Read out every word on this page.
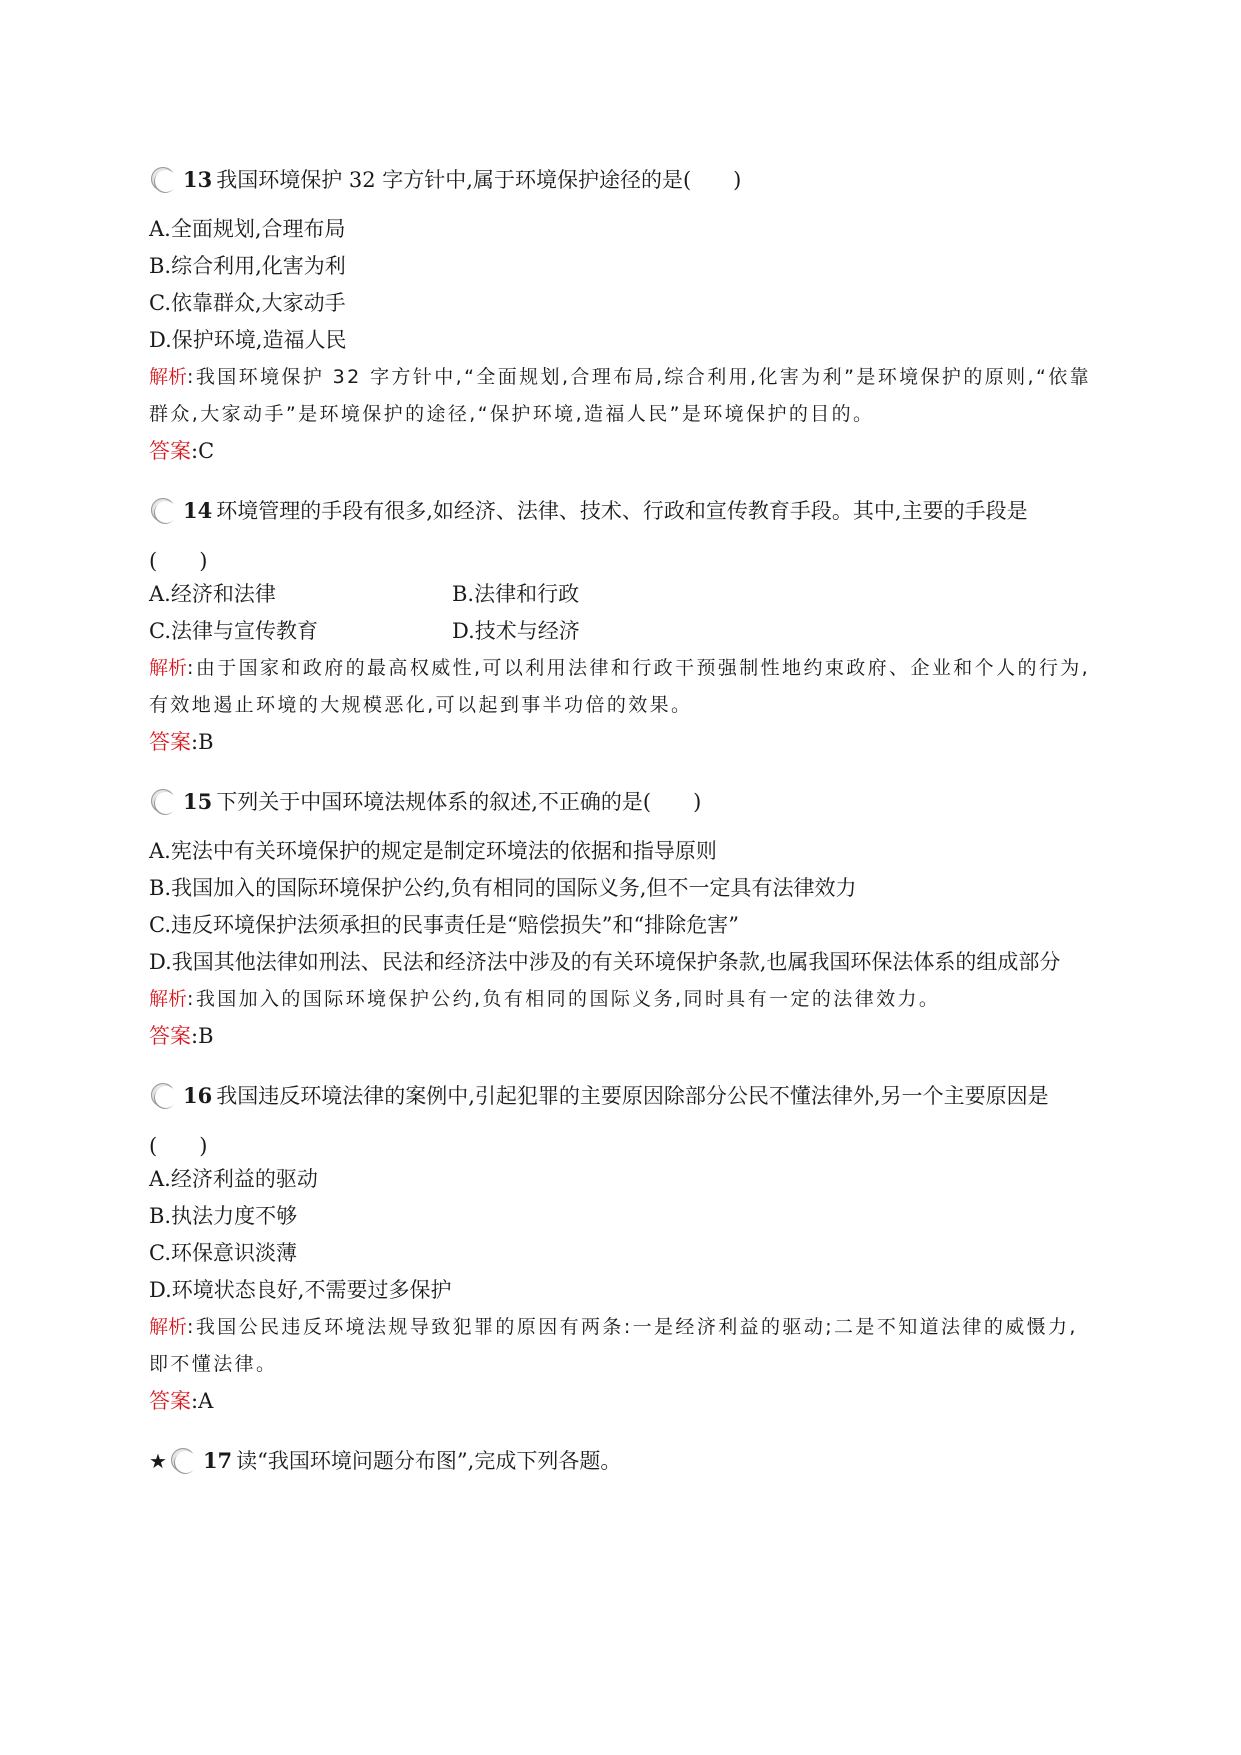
13 我国环境保护 32 字方针中,属于环境保护途径的是(　　)
A.全面规划,合理布局
B.综合利用,化害为利
C.依靠群众,大家动手
D.保护环境,造福人民
解析:我国环境保护 32 字方针中,“全面规划,合理布局,综合利用,化害为利”是环境保护的原则,“依靠群众,大家动手”是环境保护的途径,“保护环境,造福人民”是环境保护的目的。
答案:C
14 环境管理的手段有很多,如经济、法律、技术、行政和宣传教育手段。其中,主要的手段是
(　　)
A.经济和法律	B.法律和行政
C.法律与宣传教育	D.技术与经济
解析:由于国家和政府的最高权威性,可以利用法律和行政干预强制性地约束政府、企业和个人的行为,有效地遏止环境的大规模恶化,可以起到事半功倍的效果。
答案:B
15 下列关于中国环境法规体系的叙述,不正确的是(　　)
A.宪法中有关环境保护的规定是制定环境法的依据和指导原则
B.我国加入的国际环境保护公约,负有相同的国际义务,但不一定具有法律效力
C.违反环境保护法须承担的民事责任是“赔偿损失”和“排除危害”
D.我国其他法律如刑法、民法和经济法中涉及的有关环境保护条款,也属我国环保法体系的组成部分
解析:我国加入的国际环境保护公约,负有相同的国际义务,同时具有一定的法律效力。
答案:B
16 我国违反环境法律的案例中,引起犯罪的主要原因除部分公民不懂法律外,另一个主要原因是
(　　)
A.经济利益的驱动
B.执法力度不够
C.环保意识淡薄
D.环境状态良好,不需要过多保护
解析:我国公民违反环境法规导致犯罪的原因有两条:一是经济利益的驱动;二是不知道法律的威慑力,即不懂法律。
答案:A
★ 17 读“我国环境问题分布图”,完成下列各题。
